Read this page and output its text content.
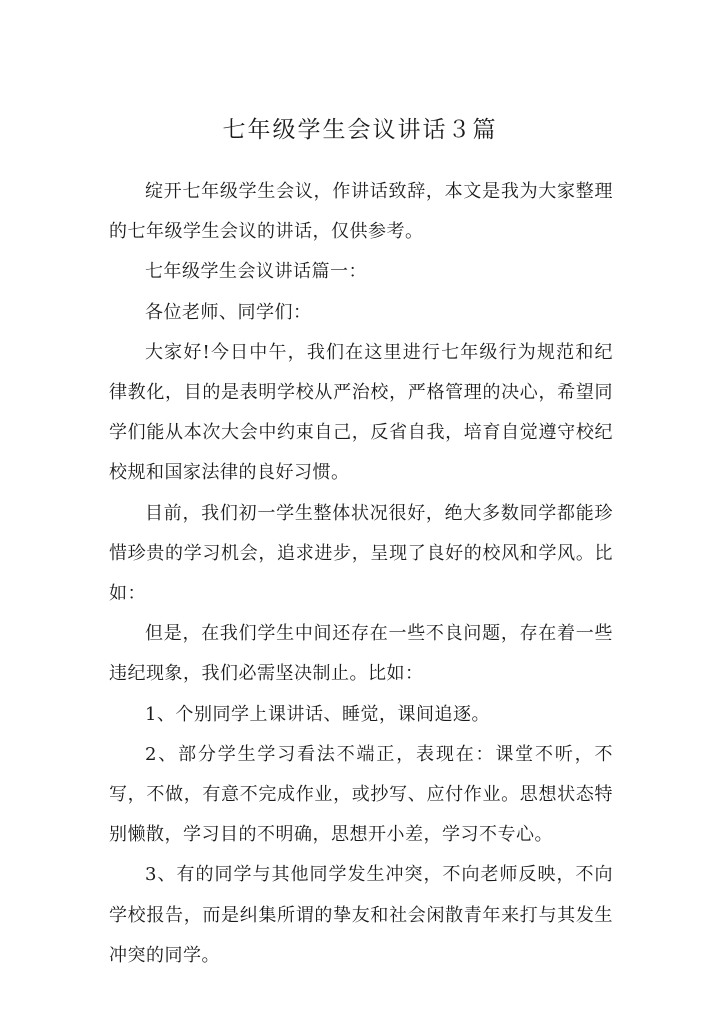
七年级学生会议讲话３篇

绽开七年级学生会议，作讲话致辞，本文是我为大家整理的七年级学生会议的讲话，仅供参考。

七年级学生会议讲话篇一：

各位老师、同学们：

大家好!今日中午，我们在这里进行七年级行为规范和纪律教化，目的是表明学校从严治校，严格管理的决心，希望同学们能从本次大会中约束自己，反省自我，培育自觉遵守校纪校规和国家法律的良好习惯。

目前，我们初一学生整体状况很好，绝大多数同学都能珍惜珍贵的学习机会，追求进步，呈现了良好的校风和学风。比如：

但是，在我们学生中间还存在一些不良问题，存在着一些违纪现象，我们必需坚决制止。比如：

1、个别同学上课讲话、睡觉，课间追逐。

2、部分学生学习看法不端正，表现在：课堂不听，不写，不做，有意不完成作业，或抄写、应付作业。思想状态特别懒散，学习目的不明确，思想开小差，学习不专心。

3、有的同学与其他同学发生冲突，不向老师反映，不向学校报告，而是纠集所谓的挚友和社会闲散青年来打与其发生冲突的同学。
